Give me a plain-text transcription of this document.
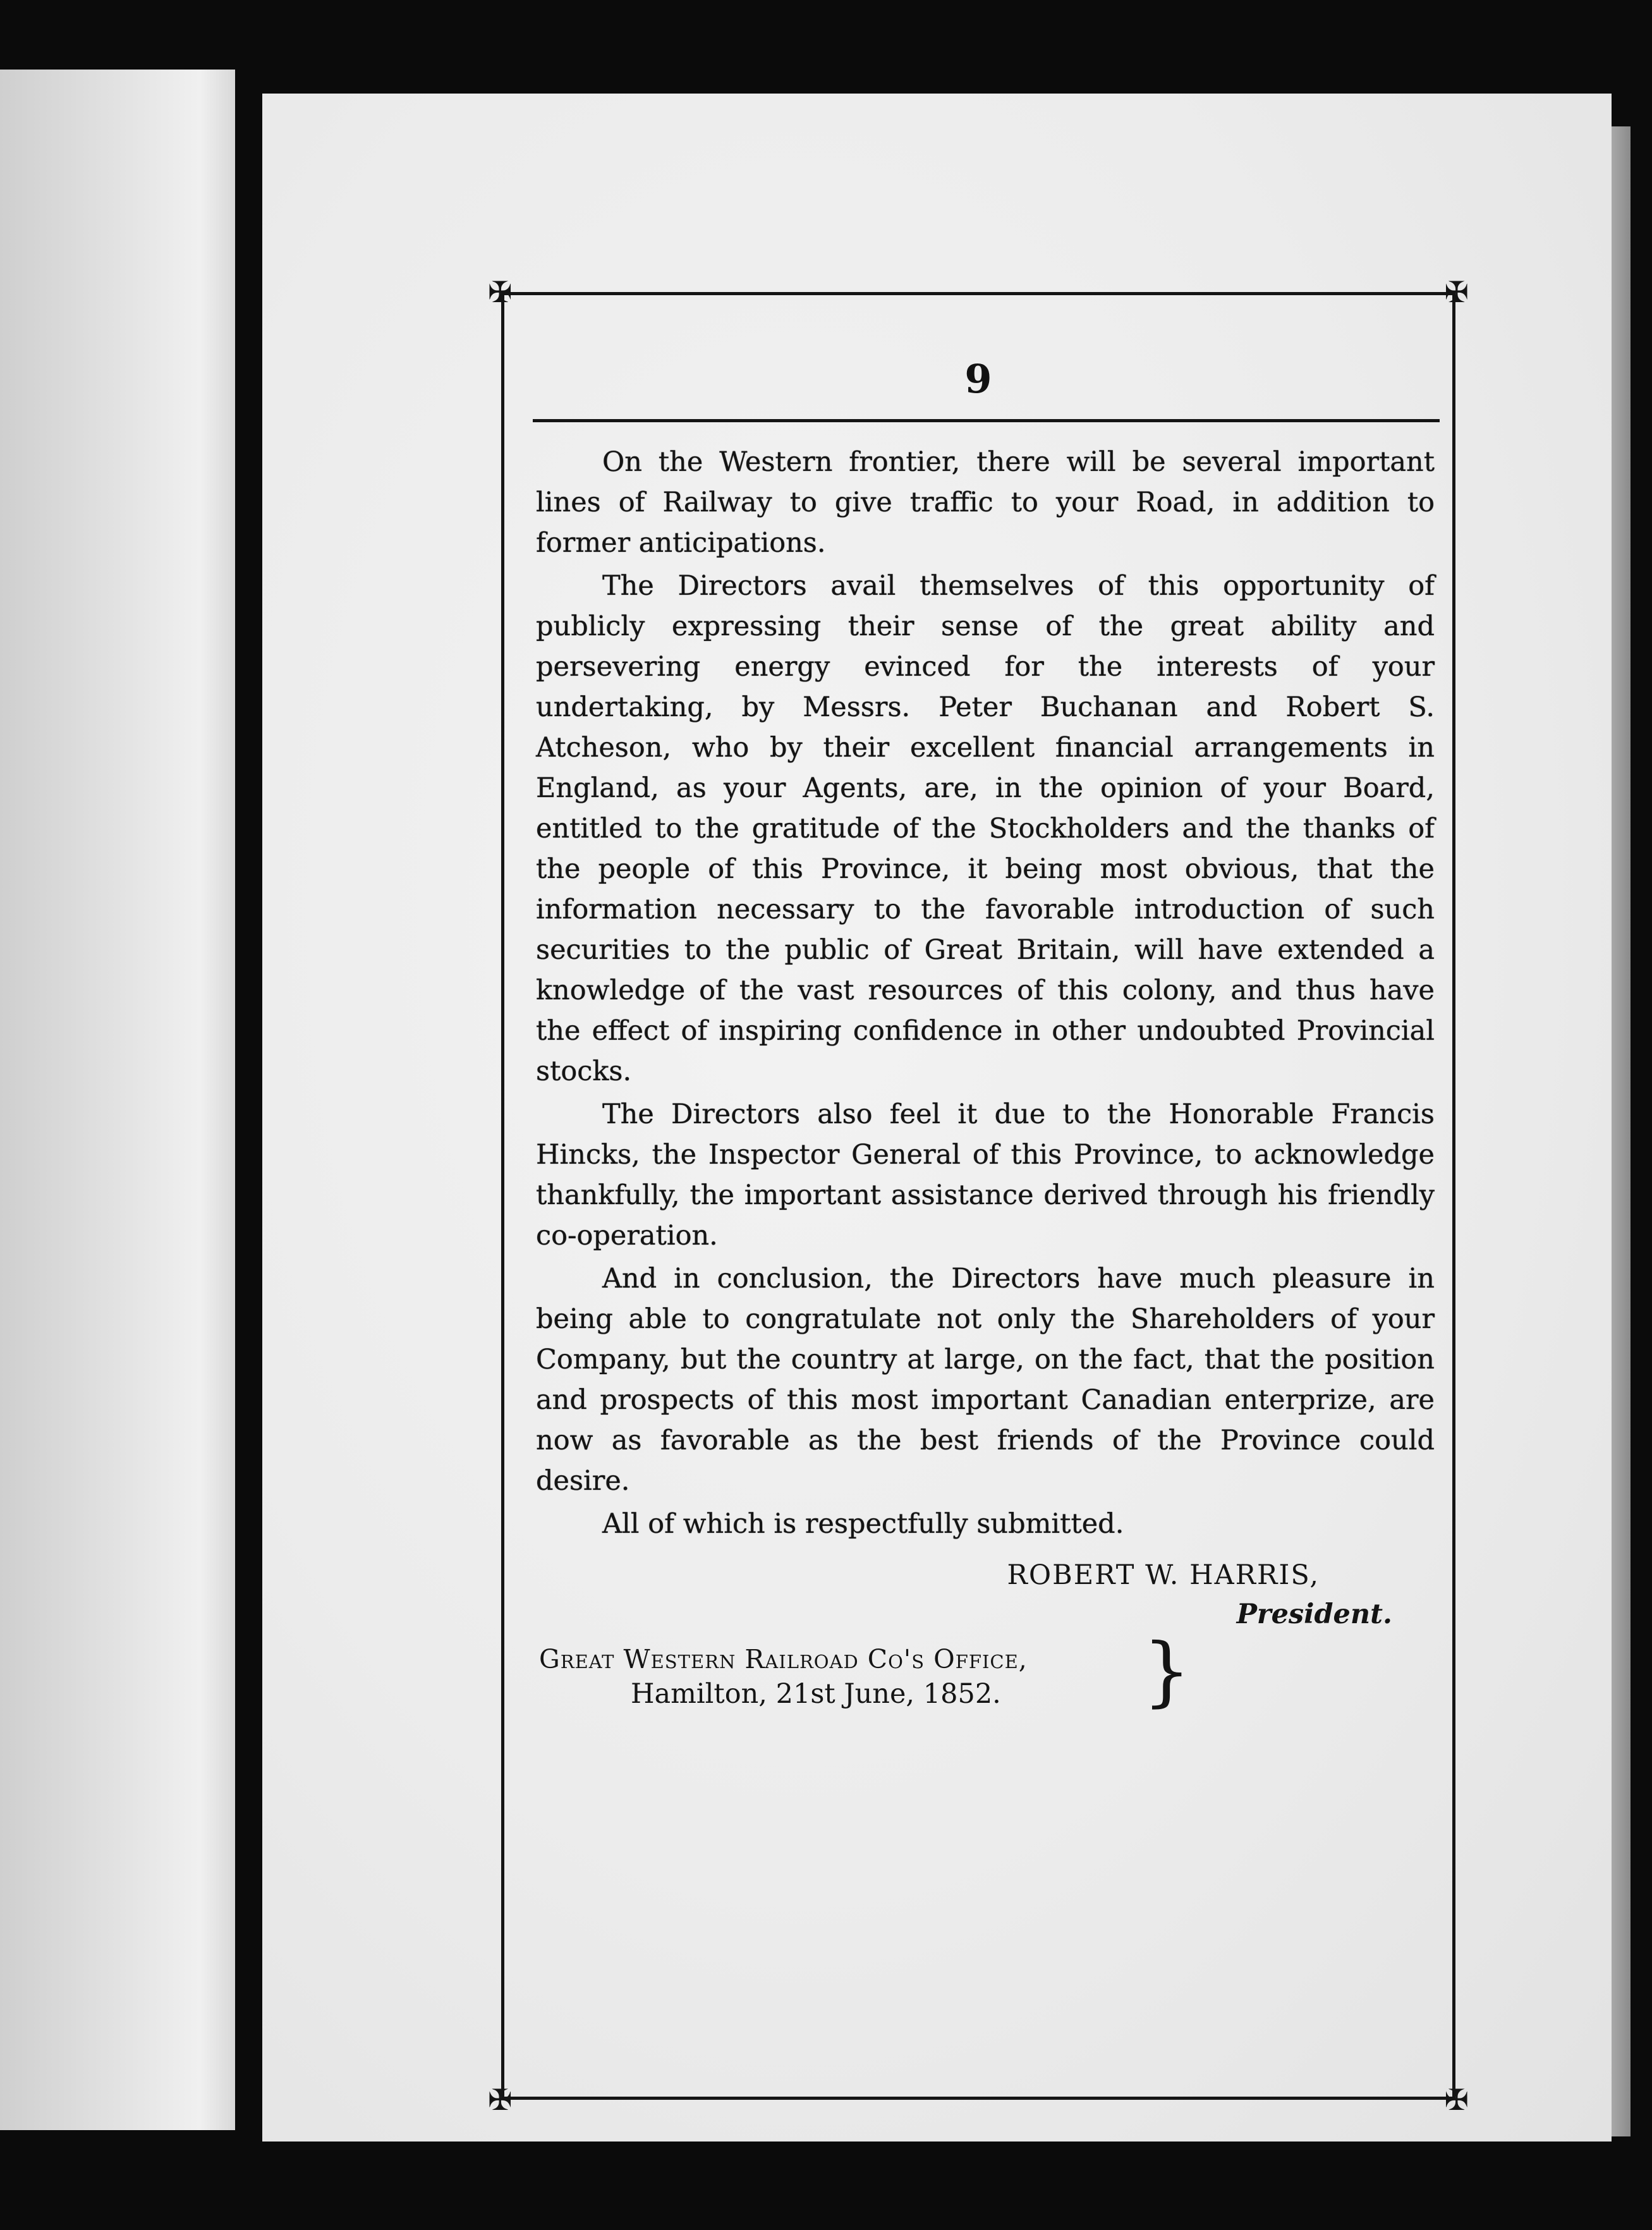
✠	✠
✠	✠
9

On the Western frontier, there will be several important lines of Railway to give traffic to your Road, in addition to former anticipations.

The Directors avail themselves of this opportunity of publicly expressing their sense of the great ability and persevering energy evinced for the interests of your undertaking, by Messrs. Peter Buchanan and Robert S. Atcheson, who by their excellent financial arrangements in England, as your Agents, are, in the opinion of your Board, entitled to the gratitude of the Stockholders and the thanks of the people of this Province, it being most obvious, that the information necessary to the favorable introduction of such securities to the public of Great Britain, will have extended a knowledge of the vast resources of this colony, and thus have the effect of inspiring confidence in other undoubted Provincial stocks.

The Directors also feel it due to the Honorable Francis Hincks, the Inspector General of this Province, to acknowledge thankfully, the important assistance derived through his friendly co-operation.

And in conclusion, the Directors have much pleasure in being able to congratulate not only the Shareholders of your Company, but the country at large, on the fact, that the position and prospects of this most important Canadian enterprize, are now as favorable as the best friends of the Province could desire.

All of which is respectfully submitted.

ROBERT W. HARRIS,
President.
Great Western Railroad Co's Office,
Hamilton, 21st June, 1852. }
